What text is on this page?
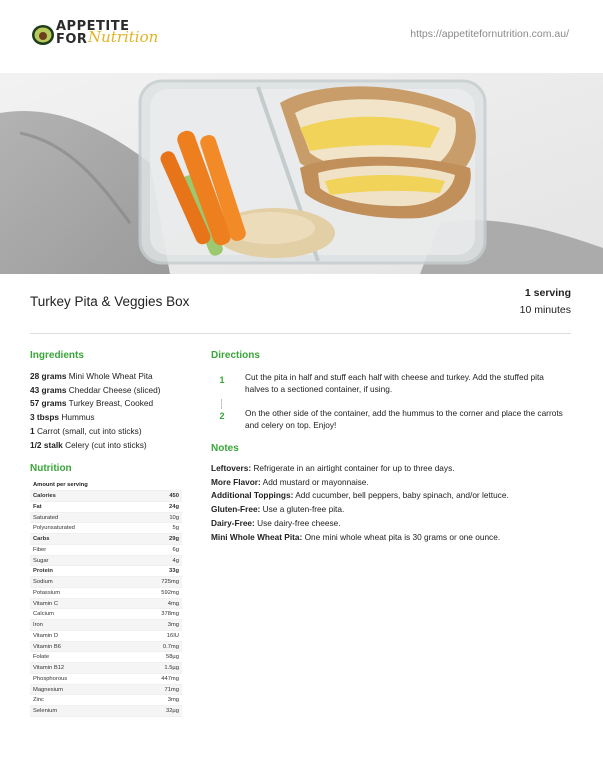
APPETITE
FOR Nutrition	https://appetitefornutrition.com.au/
Turkey Pita & Veggies Box
1 serving
10 minutes
Ingredients
28 grams Mini Whole Wheat Pita
43 grams Cheddar Cheese (sliced)
57 grams Turkey Breast, Cooked
3 tbsps Hummus
1 Carrot (small, cut into sticks)
1/2 stalk Celery (cut into sticks)
Nutrition
Amount per serving
Calories	450
Fat	24g
Saturated	10g
Polyunsaturated	5g
Carbs	29g
Fiber	6g
Sugar	4g
Protein	33g
Sodium	725mg
Potassium	592mg
Vitamin C	4mg
Calcium	378mg
Iron	3mg
Vitamin D	16IU
Vitamin B6	0.7mg
Folate	58µg
Vitamin B12	1.5µg
Phosphorous	447mg
Magnesium	71mg
Zinc	3mg
Selenium	32µg
Directions
1	Cut the pita in half and stuff each half with cheese and turkey. Add the stuffed pita halves to a sectioned container, if using.
2	On the other side of the container, add the hummus to the corner and place the carrots and celery on top. Enjoy!
Notes
Leftovers: Refrigerate in an airtight container for up to three days.
More Flavor: Add mustard or mayonnaise.
Additional Toppings: Add cucumber, bell peppers, baby spinach, and/or lettuce.
Gluten-Free: Use a gluten-free pita.
Dairy-Free: Use dairy-free cheese.
Mini Whole Wheat Pita: One mini whole wheat pita is 30 grams or one ounce.
